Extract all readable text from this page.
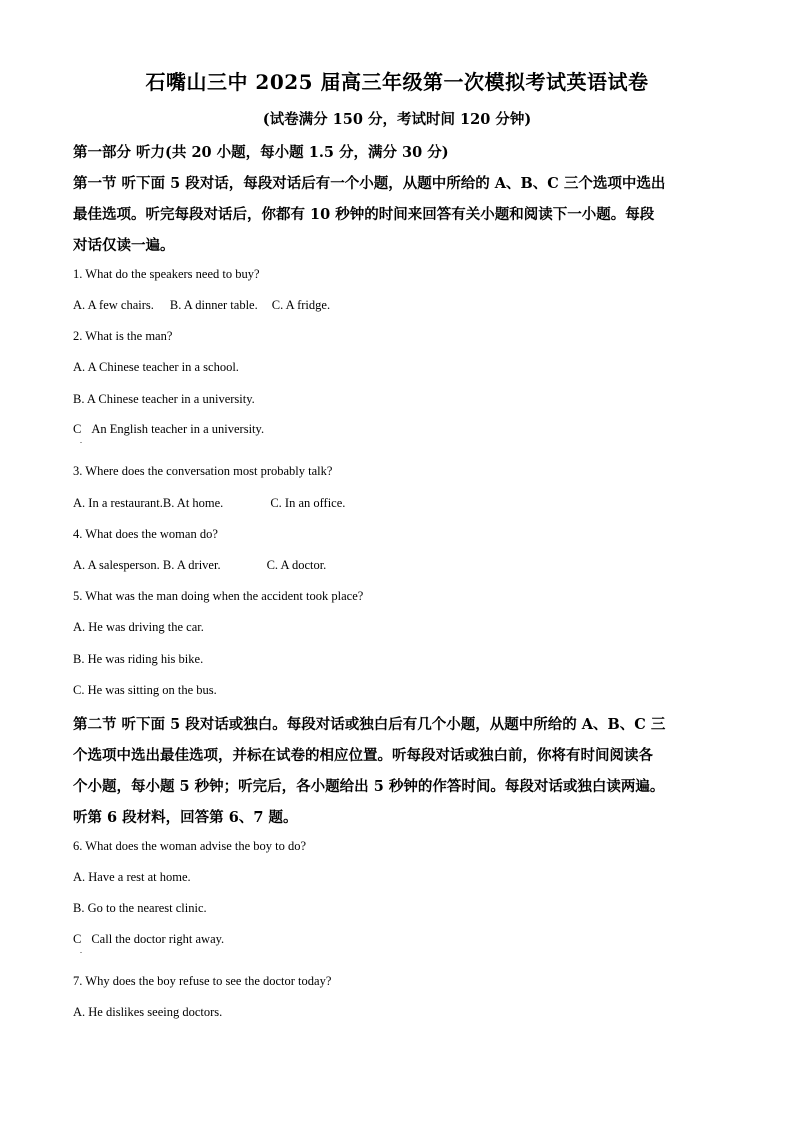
石嘴山三中 2025 届高三年级第一次模拟考试英语试卷
(试卷满分 150 分，考试时间 120 分钟)
第一部分 听力(共 20 小题，每小题 1.5 分，满分 30 分)
第一节 听下面 5 段对话，每段对话后有一个小题，从题中所给的 A、B、C 三个选项中选出
最佳选项。听完每段对话后，你都有 10 秒钟的时间来回答有关小题和阅读下一小题。每段
对话仅读一遍。
1. What do the speakers need to buy?
A. A few chairs. B. A dinner table. C. A fridge.
2. What is the man?
A. A Chinese teacher in a school.
B. A Chinese teacher in a university.
C An English teacher in a university.
.
3. Where does the conversation most probably talk?
A. In a restaurant.B. At home.	C. In an office.
4. What does the woman do?
A. A salesperson. B. A driver.	C. A doctor.
5. What was the man doing when the accident took place?
A. He was driving the car.
B. He was riding his bike.
C. He was sitting on the bus.
第二节 听下面 5 段对话或独白。每段对话或独白后有几个小题，从题中所给的 A、B、C 三
个选项中选出最佳选项，并标在试卷的相应位置。听每段对话或独白前，你将有时间阅读各
个小题，每小题 5 秒钟；听完后，各小题给出 5 秒钟的作答时间。每段对话或独白读两遍。
听第 6 段材料，回答第 6、7 题。
6. What does the woman advise the boy to do?
A. Have a rest at home.
B. Go to the nearest clinic.
C Call the doctor right away.
.
7. Why does the boy refuse to see the doctor today?
A. He dislikes seeing doctors.
